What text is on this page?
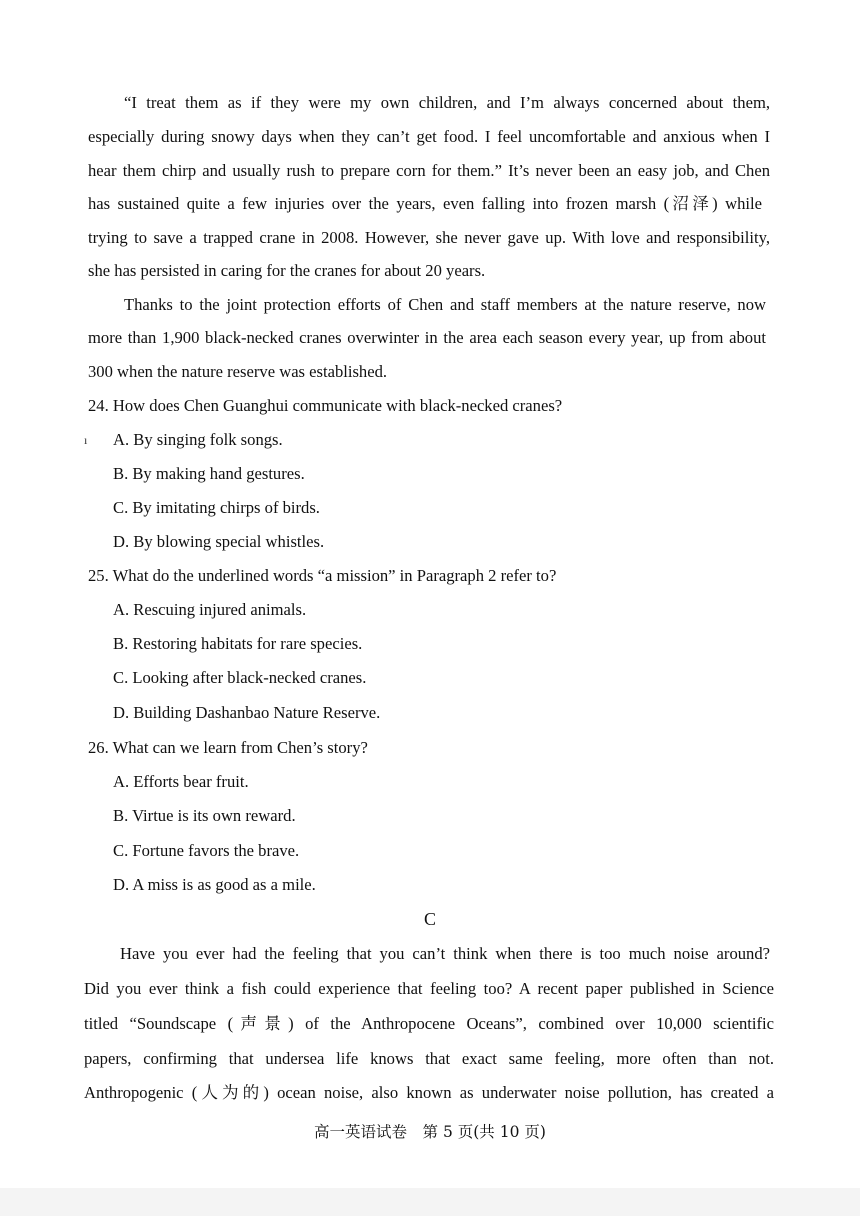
“I treat them as if they were my own children, and I’m always concerned about them,
especially during snowy days when they can’t get food. I feel uncomfortable and anxious when I
hear them chirp and usually rush to prepare corn for them.” It’s never been an easy job, and Chen
has sustained quite a few injuries over the years, even falling into frozen marsh (沼泽) while
trying to save a trapped crane in 2008. However, she never gave up. With love and responsibility,
she has persisted in caring for the cranes for about 20 years.
Thanks to the joint protection efforts of Chen and staff members at the nature reserve, now
more than 1,900 black-necked cranes overwinter in the area each season every year, up from about
300 when the nature reserve was established.
24. How does Chen Guanghui communicate with black-necked cranes?
ı A. By singing folk songs.
B. By making hand gestures.
C. By imitating chirps of birds.
D. By blowing special whistles.
25. What do the underlined words “a mission” in Paragraph 2 refer to?
A. Rescuing injured animals.
B. Restoring habitats for rare species.
C. Looking after black-necked cranes.
D. Building Dashanbao Nature Reserve.
26. What can we learn from Chen’s story?
A. Efforts bear fruit.
B. Virtue is its own reward.
C. Fortune favors the brave.
D. A miss is as good as a mile.
C
Have you ever had the feeling that you can’t think when there is too much noise around?
Did you ever think a fish could experience that feeling too? A recent paper published in Science
titled “Soundscape (声景) of the Anthropocene Oceans”, combined over 10,000 scientific
papers, confirming that undersea life knows that exact same feeling, more often than not.
Anthropogenic (人为的) ocean noise, also known as underwater noise pollution, has created a
高一英语试卷　第 5 页(共 10 页)
